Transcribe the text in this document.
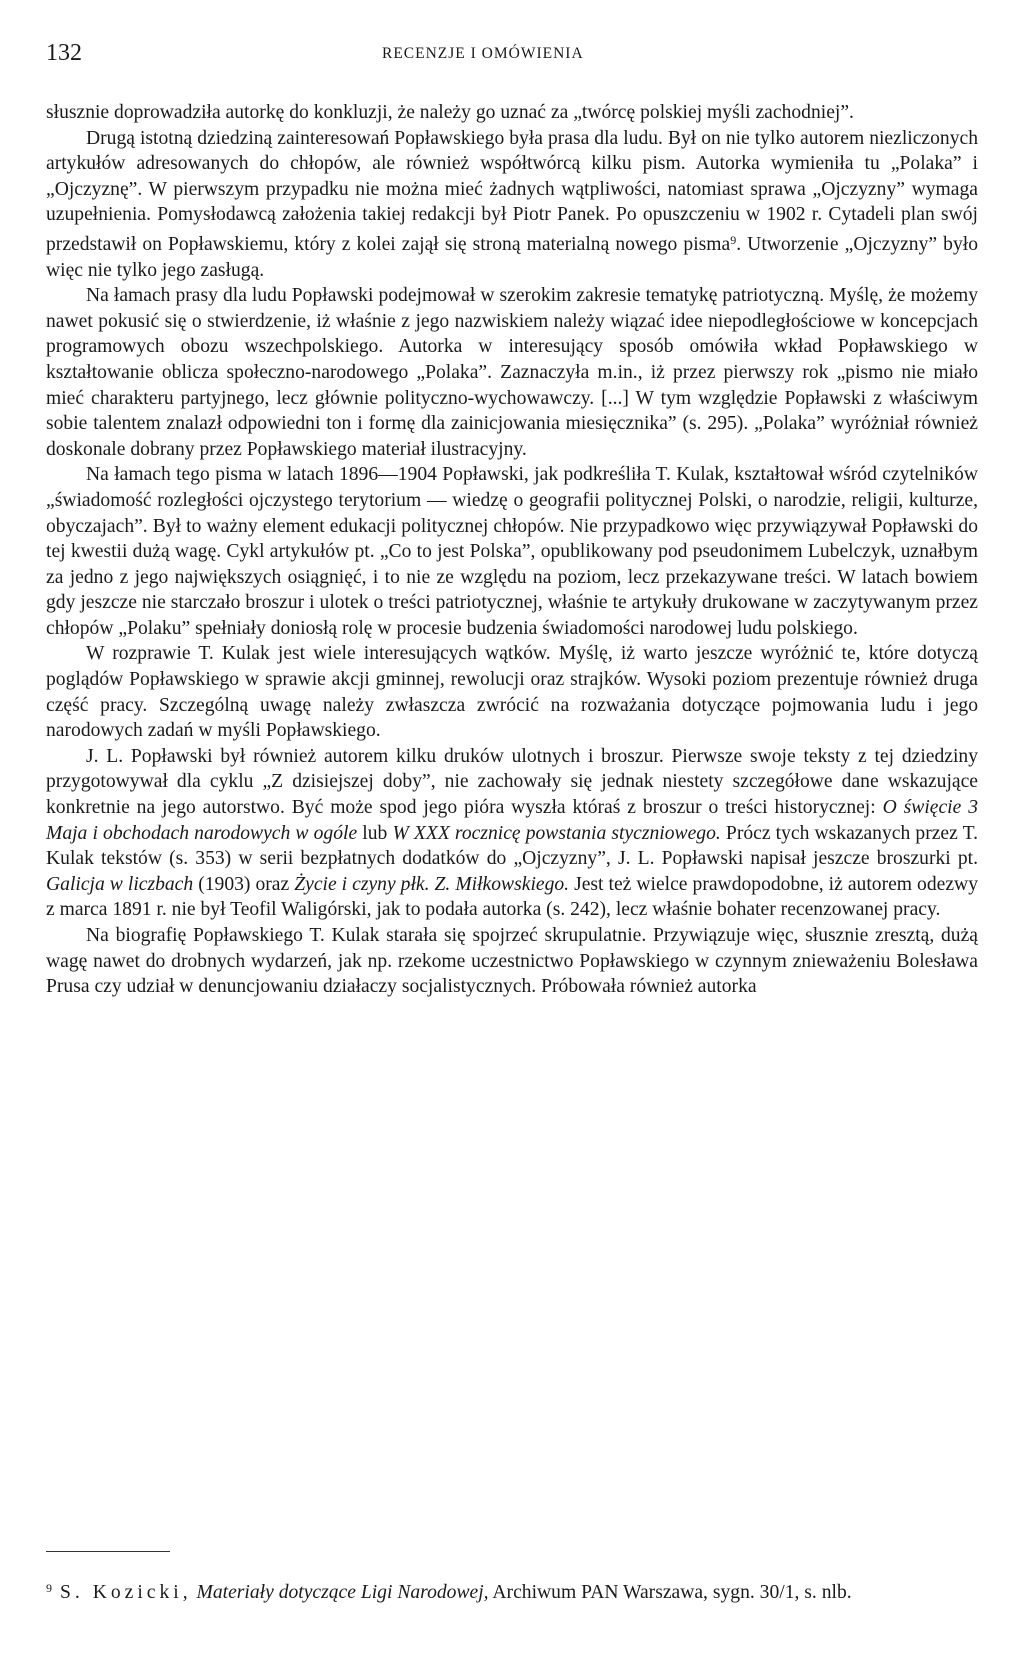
132	RECENZJE I OMÓWIENIA

słusznie doprowadziła autorkę do konkluzji, że należy go uznać za „twórcę polskiej myśli zachodniej”.

Drugą istotną dziedziną zainteresowań Popławskiego była prasa dla ludu. Był on nie tylko autorem niezliczonych artykułów adresowanych do chłopów, ale również współtwórcą kilku pism. Autorka wymieniła tu „Polaka” i „Ojczyznę”. W pierwszym przypadku nie można mieć żadnych wątpliwości, natomiast sprawa „Ojczyzny” wymaga uzupełnienia. Pomysłodawcą założenia takiej redakcji był Piotr Panek. Po opuszczeniu w 1902 r. Cytadeli plan swój przedstawił on Popławskiemu, który z kolei zajął się stroną materialną nowego pisma$^9$. Utworzenie „Ojczyzny” było więc nie tylko jego zasługą.

Na łamach prasy dla ludu Popławski podejmował w szerokim zakresie tematykę patriotyczną. Myślę, że możemy nawet pokusić się o stwierdzenie, iż właśnie z jego nazwiskiem należy wiązać idee niepodległościowe w koncepcjach programowych obozu wszechpolskiego. Autorka w interesujący sposób omówiła wkład Popławskiego w kształtowanie oblicza społeczno-narodowego „Polaka”. Zaznaczyła m.in., iż przez pierwszy rok „pismo nie miało mieć charakteru partyjnego, lecz głównie polityczno-wychowawczy. [...] W tym względzie Popławski z właściwym sobie talentem znalazł odpowiedni ton i formę dla zainicjowania miesięcznika” (s. 295). „Polaka” wyróżniał również doskonale dobrany przez Popławskiego materiał ilustracyjny.

Na łamach tego pisma w latach 1896—1904 Popławski, jak podkreśliła T. Kulak, kształtował wśród czytelników „świadomość rozległości ojczystego terytorium — wiedzę o geografii politycznej Polski, o narodzie, religii, kulturze, obyczajach”. Był to ważny element edukacji politycznej chłopów. Nie przypadkowo więc przywiązywał Popławski do tej kwestii dużą wagę. Cykl artykułów pt. „Co to jest Polska”, opublikowany pod pseudonimem Lubelczyk, uznałbym za jedno z jego największych osiągnięć, i to nie ze względu na poziom, lecz przekazywane treści. W latach bowiem gdy jeszcze nie starczało broszur i ulotek o treści patriotycznej, właśnie te artykuły drukowane w zaczytywanym przez chłopów „Polaku” spełniały doniosłą rolę w procesie budzenia świadomości narodowej ludu polskiego.

W rozprawie T. Kulak jest wiele interesujących wątków. Myślę, iż warto jeszcze wyróżnić te, które dotyczą poglądów Popławskiego w sprawie akcji gminnej, rewolucji oraz strajków. Wysoki poziom prezentuje również druga część pracy. Szczególną uwagę należy zwłaszcza zwrócić na rozważania dotyczące pojmowania ludu i jego narodowych zadań w myśli Popławskiego.

J. L. Popławski był również autorem kilku druków ulotnych i broszur. Pierwsze swoje teksty z tej dziedziny przygotowywał dla cyklu „Z dzisiejszej doby”, nie zachowały się jednak niestety szczegółowe dane wskazujące konkretnie na jego autorstwo. Być może spod jego pióra wyszła któraś z broszur o treści historycznej: O święcie 3 Maja i obchodach narodowych w ogóle lub W XXX rocznicę powstania styczniowego. Prócz tych wskazanych przez T. Kulak tekstów (s. 353) w serii bezpłatnych dodatków do „Ojczyzny”, J. L. Popławski napisał jeszcze broszurki pt. Galicja w liczbach (1903) oraz Życie i czyny płk. Z. Miłkowskiego. Jest też wielce prawdopodobne, iż autorem odezwy z marca 1891 r. nie był Teofil Waligórski, jak to podała autorka (s. 242), lecz właśnie bohater recenzowanej pracy.

Na biografię Popławskiego T. Kulak starała się spojrzeć skrupulatnie. Przywiązuje więc, słusznie zresztą, dużą wagę nawet do drobnych wydarzeń, jak np. rzekome uczestnictwo Popławskiego w czynnym znieważeniu Bolesława Prusa czy udział w denuncjowaniu działaczy socjalistycznych. Próbowała również autorka

$^9$ S. Kozicki, Materiały dotyczące Ligi Narodowej, Archiwum PAN Warszawa, sygn. 30/1, s. nlb.
